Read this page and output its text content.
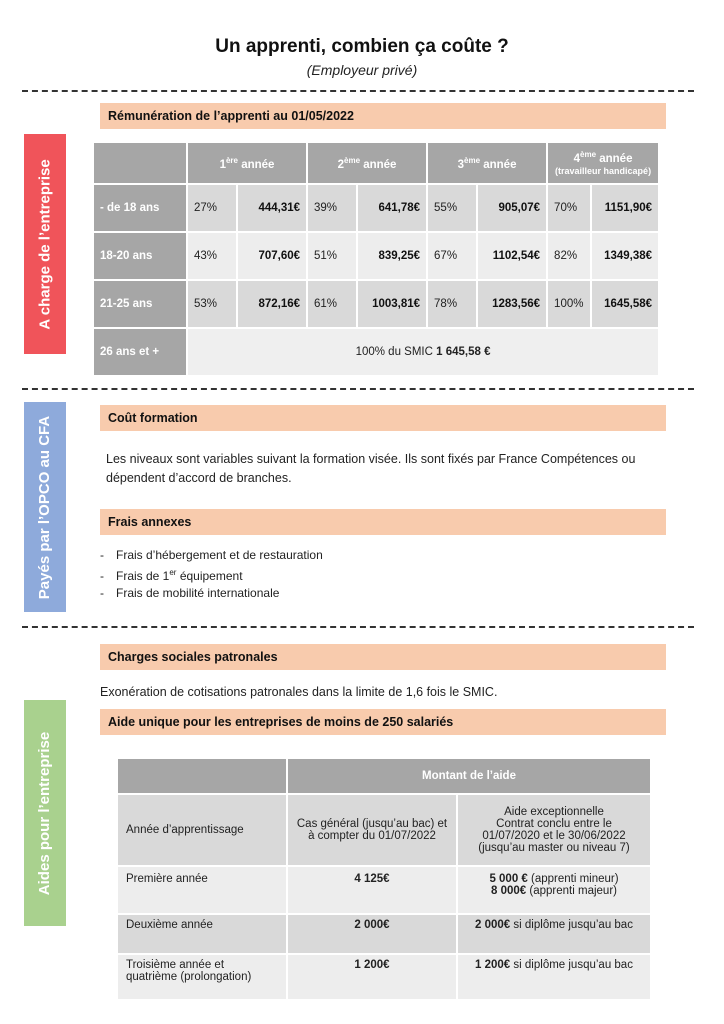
Un apprenti, combien ça coûte ?
(Employeur privé)
A charge de l’entreprise
Payés par l’OPCO au CFA
Aides pour l’entreprise
Rémunération de l’apprenti au 01/05/2022
	1ère année		2ème année		3ème année		4ème année
(travailleur handicapé)	
- de 18 ans	27%	444,31€	39%	641,78€	55%	905,07€	70%	1151,90€
18-20 ans	43%	707,60€	51%	839,25€	67%	1102,54€	82%	1349,38€
21-25 ans	53%	872,16€	61%	1003,81€	78%	1283,56€	100%	1645,58€
26 ans et +	100% du SMIC 1 645,58 €							
Coût formation
Les niveaux sont variables suivant la formation visée. Ils sont fixés par France Compétences ou dépendent d’accord de branches.
Frais annexes
- Frais d’hébergement et de restauration
- Frais de 1er équipement
- Frais de mobilité internationale
Charges sociales patronales
Exonération de cotisations patronales dans la limite de 1,6 fois le SMIC.
Aide unique pour les entreprises de moins de 250 salariés
	Montant de l’aide	
Année d’apprentissage	Cas général (jusqu’au bac) et à compter du 01/07/2022	Aide exceptionnelle
Contrat conclu entre le 01/07/2020 et le 30/06/2022 (jusqu’au master ou niveau 7)

Première année	4 125€	5 000 € (apprenti mineur)
8 000€ (apprenti majeur)

Deuxième année	2 000€	2 000€ si diplôme jusqu’au bac
Troisième année et quatrième (prolongation)	1 200€	1 200€ si diplôme jusqu’au bac
